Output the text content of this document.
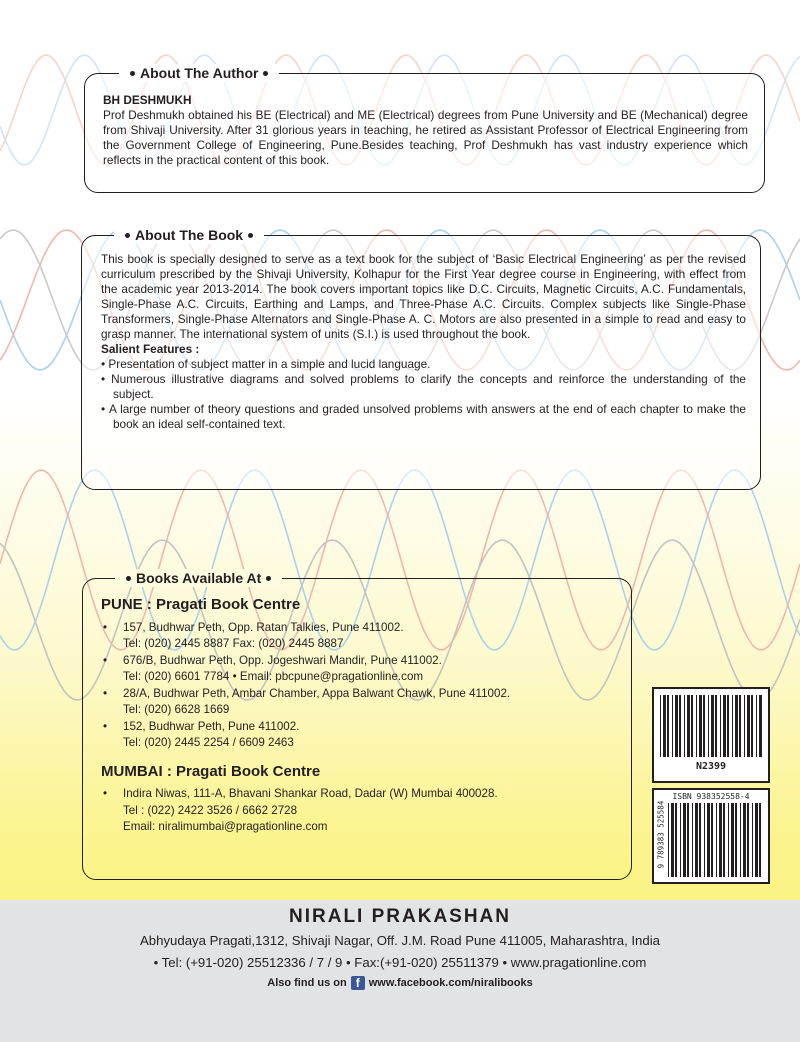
About The Author
BH DESHMUKH

Prof Deshmukh obtained his BE (Electrical) and ME (Electrical) degrees from Pune University and BE (Mechanical) degree from Shivaji University. After 31 glorious years in teaching, he retired as Assistant Professor of Electrical Engineering from the Government College of Engineering, Pune.Besides teaching, Prof Deshmukh has vast industry experience which reflects in the practical content of this book.

About The Book

This book is specially designed to serve as a text book for the subject of ‘Basic Electrical Engineering’ as per the revised curriculum prescribed by the Shivaji University, Kolhapur for the First Year degree course in Engineering, with effect from the academic year 2013-2014. The book covers important topics like D.C. Circuits, Magnetic Circuits, A.C. Fundamentals, Single-Phase A.C. Circuits, Earthing and Lamps, and Three-Phase A.C. Circuits. Complex subjects like Single-Phase Transformers, Single-Phase Alternators and Single-Phase A. C. Motors are also presented in a simple to read and easy to grasp manner. The international system of units (S.I.) is used throughout the book.

Salient Features :

• Presentation of subject matter in a simple and lucid language.

• Numerous illustrative diagrams and solved problems to clarify the concepts and reinforce the understanding of the subject.

• A large number of theory questions and graded unsolved problems with answers at the end of each chapter to make the book an ideal self-contained text.

Books Available At
PUNE : Pragati Book Centre
• 157, Budhwar Peth, Opp. Ratan Talkies, Pune 411002.
Tel: (020) 2445 8887 Fax: (020) 2445 8887
• 676/B, Budhwar Peth, Opp. Jogeshwari Mandir, Pune 411002.
Tel: (020) 6601 7784 • Email: pbcpune@pragationline.com
• 28/A, Budhwar Peth, Ambar Chamber, Appa Balwant Chawk, Pune 411002.
Tel: (020) 6628 1669
• 152, Budhwar Peth, Pune 411002.
Tel: (020) 2445 2254 / 6609 2463
MUMBAI : Pragati Book Centre
• Indira Niwas, 111-A, Bhavani Shankar Road, Dadar (W) Mumbai 400028.
Tel : (022) 2422 3526 / 6662 2728
Email: niralimumbai@pragationline.com
N2399
ISBN 938352558-4
9 789383 525584
NIRALI PRAKASHAN
Abhyudaya Pragati,1312, Shivaji Nagar, Off. J.M. Road Pune 411005, Maharashtra, India
• Tel: (+91-020) 25512336 / 7 / 9 • Fax:(+91-020) 25511379 • www.pragationline.com
Also find us on f www.facebook.com/niralibooks
